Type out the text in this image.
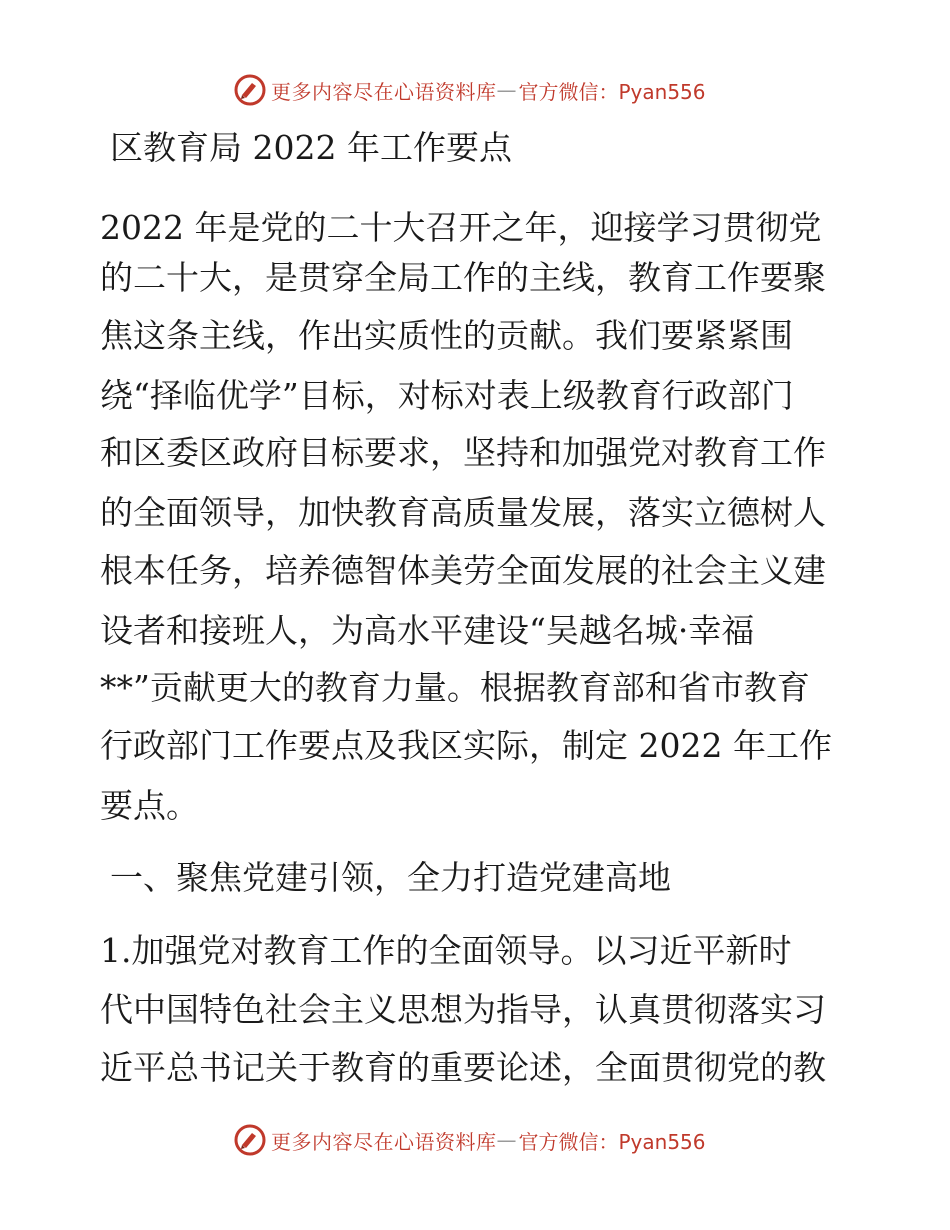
更多内容尽在心语资料库 — 官方微信：Pyan556
区教育局 2022 年工作要点

2022 年是党的二十大召开之年，迎接学习贯彻党

的二十大，是贯穿全局工作的主线，教育工作要聚

焦这条主线，作出实质性的贡献。我们要紧紧围

绕“择临优学”目标，对标对表上级教育行政部门

和区委区政府目标要求，坚持和加强党对教育工作

的全面领导，加快教育高质量发展，落实立德树人

根本任务，培养德智体美劳全面发展的社会主义建

设者和接班人，为高水平建设“吴越名城·幸福

**”贡献更大的教育力量。根据教育部和省市教育

行政部门工作要点及我区实际，制定 2022 年工作

要点。

一、聚焦党建引领，全力打造党建高地

1.加强党对教育工作的全面领导。以习近平新时

代中国特色社会主义思想为指导，认真贯彻落实习

近平总书记关于教育的重要论述，全面贯彻党的教

更多内容尽在心语资料库 — 官方微信：Pyan556
